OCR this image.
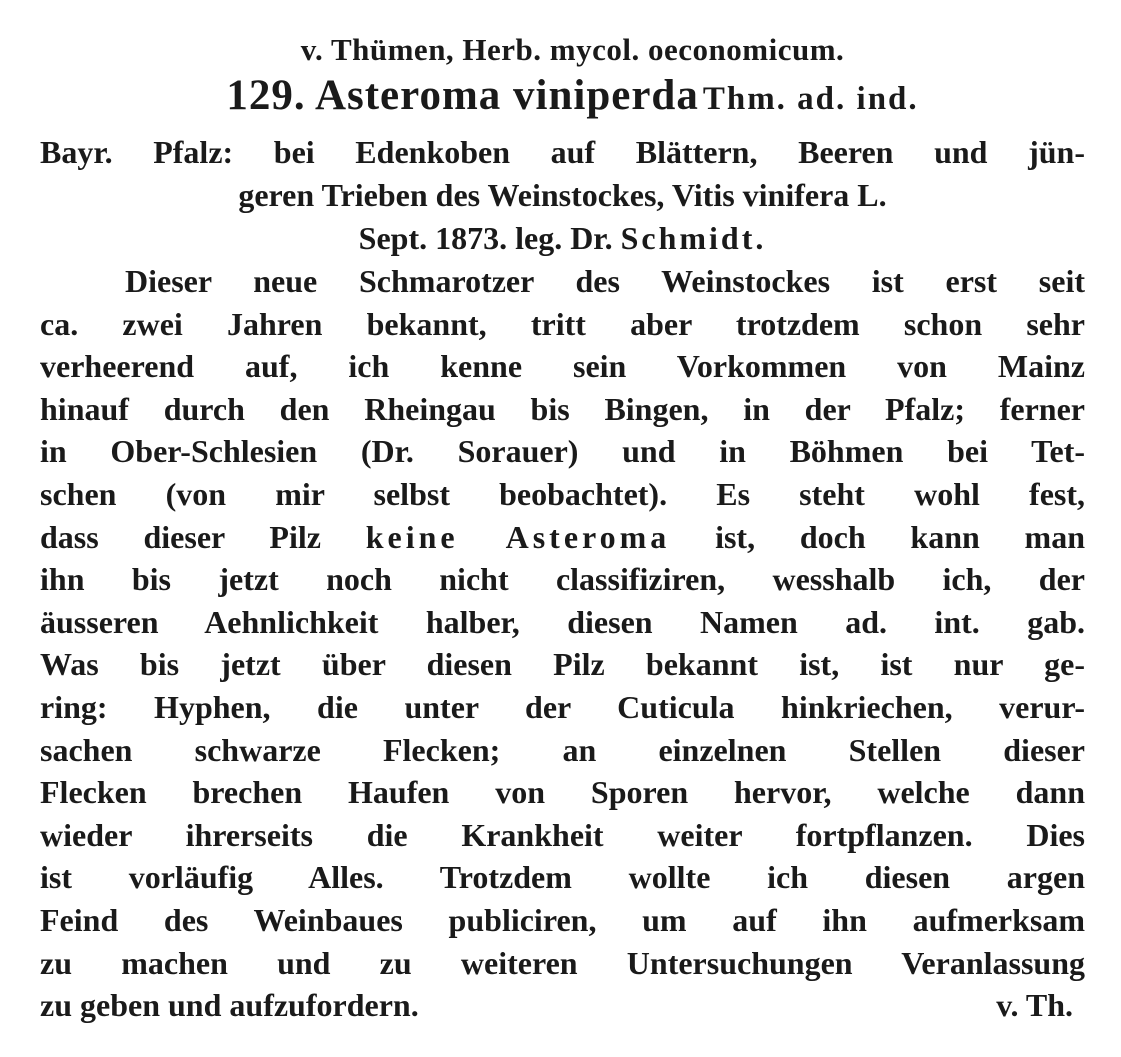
v. Thümen, Herb. mycol. oeconomicum.
129. Asteroma viniperda Thm. ad. ind.
Bayr. Pfalz: bei Edenkoben auf Blättern, Beeren und jün-
geren Trieben des Weinstockes, Vitis vinifera L.
Sept. 1873. leg. Dr. Schmidt.
Dieser neue Schmarotzer des Weinstockes ist erst seit
ca. zwei Jahren bekannt, tritt aber trotzdem schon sehr
verheerend auf, ich kenne sein Vorkommen von Mainz
hinauf durch den Rheingau bis Bingen, in der Pfalz; ferner
in Ober-Schlesien (Dr. Sorauer) und in Böhmen bei Tet-
schen (von mir selbst beobachtet). Es steht wohl fest,
dass dieser Pilz keine Asteroma ist, doch kann man
ihn bis jetzt noch nicht classifiziren, wesshalb ich, der
äusseren Aehnlichkeit halber, diesen Namen ad. int. gab.
Was bis jetzt über diesen Pilz bekannt ist, ist nur ge-
ring: Hyphen, die unter der Cuticula hinkriechen, verur-
sachen schwarze Flecken; an einzelnen Stellen dieser
Flecken brechen Haufen von Sporen hervor, welche dann
wieder ihrerseits die Krankheit weiter fortpflanzen. Dies
ist vorläufig Alles. Trotzdem wollte ich diesen argen
Feind des Weinbaues publiciren, um auf ihn aufmerksam
zu machen und zu weiteren Untersuchungen Veranlassung
zu geben und aufzufordern.	v. Th.
